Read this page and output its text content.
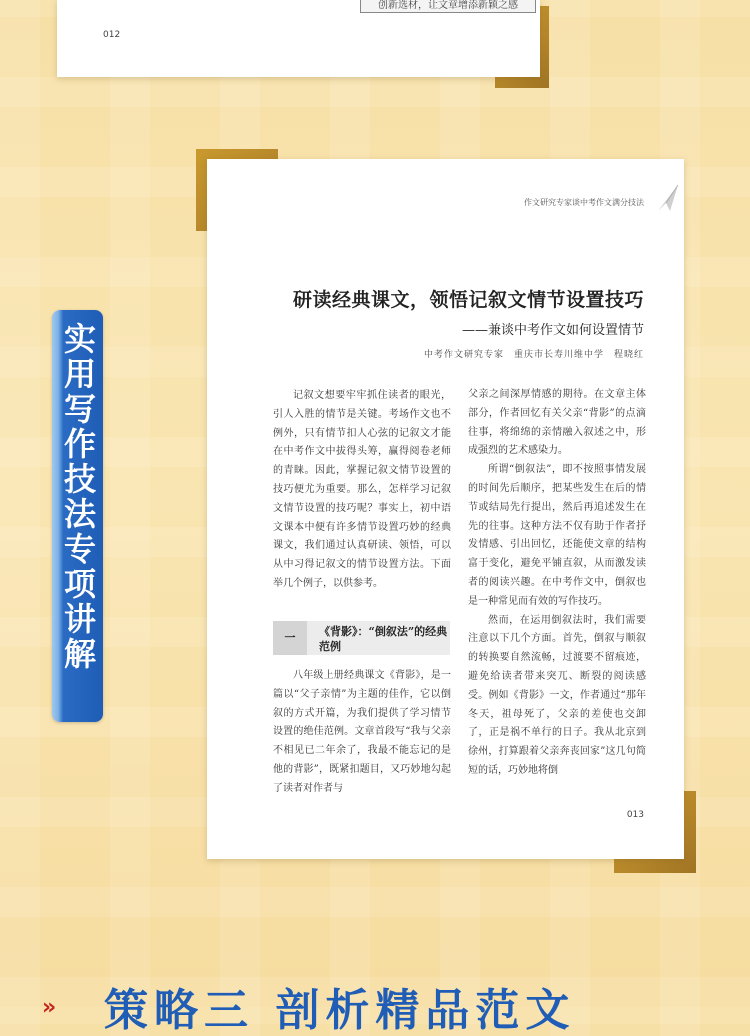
创新选材，让文章增添新颖之感
012
作文研究专家谈中考作文满分技法
研读经典课文，领悟记叙文情节设置技巧
——兼谈中考作文如何设置情节
中考作文研究专家　重庆市长寿川维中学　程晓红

记叙文想要牢牢抓住读者的眼光，引人入胜的情节是关键。考场作文也不例外，只有情节扣人心弦的记叙文才能在中考作文中拔得头筹，赢得阅卷老师的青睐。因此，掌握记叙文情节设置的技巧便尤为重要。那么，怎样学习记叙文情节设置的技巧呢？事实上，初中语文课本中便有许多情节设置巧妙的经典课文，我们通过认真研读、领悟，可以从中习得记叙文的情节设置方法。下面举几个例子，以供参考。

一	《背影》：“倒叙法”的经典范例

八年级上册经典课文《背影》，是一篇以“父子亲情”为主题的佳作，它以倒叙的方式开篇，为我们提供了学习情节设置的绝佳范例。文章首段写“我与父亲不相见已二年余了，我最不能忘记的是他的背影”，既紧扣题目，又巧妙地勾起了读者对作者与

父亲之间深厚情感的期待。在文章主体部分，作者回忆有关父亲“背影”的点滴往事，将绵绵的亲情融入叙述之中，形成强烈的艺术感染力。

所谓“倒叙法”，即不按照事情发展的时间先后顺序，把某些发生在后的情节或结局先行提出，然后再追述发生在先的往事。这种方法不仅有助于作者抒发情感、引出回忆，还能使文章的结构富于变化，避免平铺直叙，从而激发读者的阅读兴趣。在中考作文中，倒叙也是一种常见而有效的写作技巧。

然而，在运用倒叙法时，我们需要注意以下几个方面。首先，倒叙与顺叙的转换要自然流畅，过渡要不留痕迹，避免给读者带来突兀、断裂的阅读感受。例如《背影》一文，作者通过“那年冬天，祖母死了，父亲的差使也交卸了，正是祸不单行的日子。我从北京到徐州，打算跟着父亲奔丧回家”这几句简短的话，巧妙地将倒

013
实用写作技法专项讲解
» 策略三 剖析精品范文
